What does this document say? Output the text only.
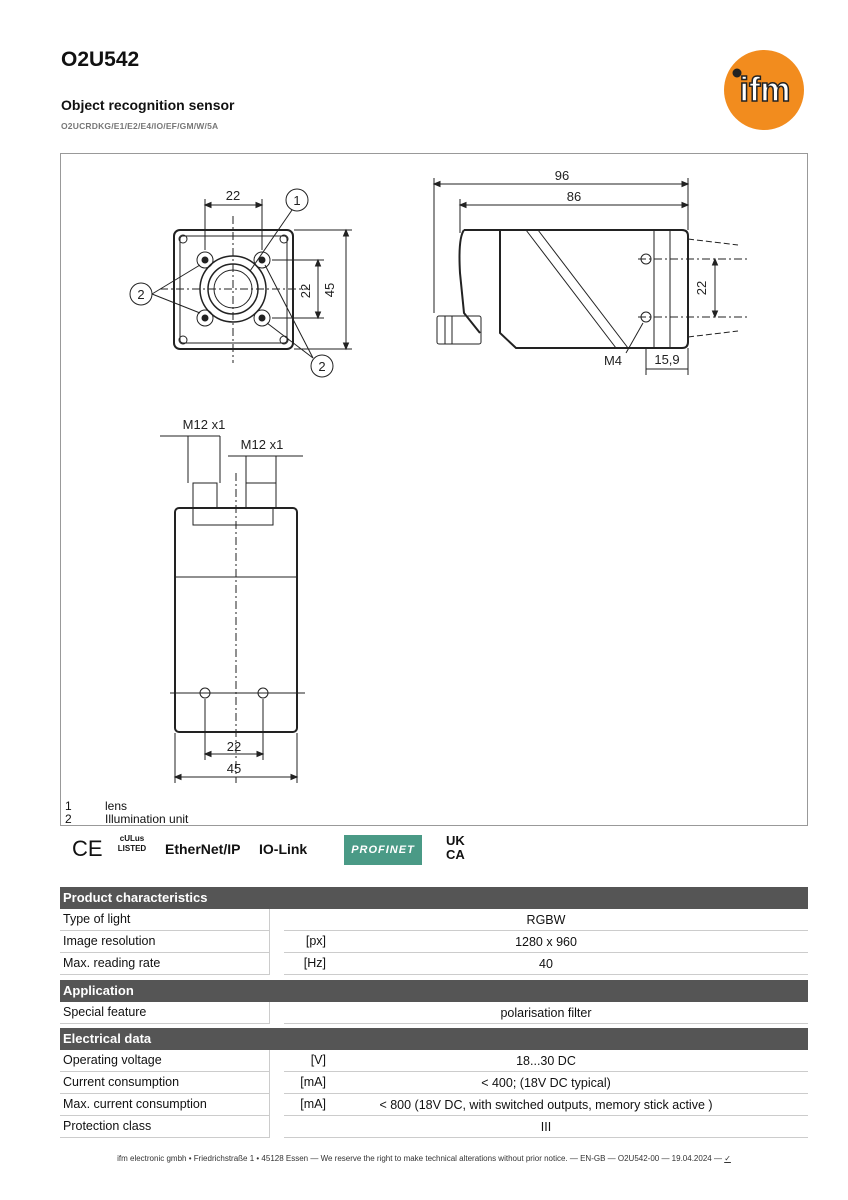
O2U542
Object recognition sensor
O2UCRDKG/E1/E2/E4/IO/EF/GM/W/5A
ifm
22
22 45
1
2
2
96
86
22
M4 15,9
M12 x1
M12 x1
22
45
1	lens
2	Illumination unit
CE	cULus LISTED	EtherNet/IP IO-Link	PROFINET
UK CA
Product characteristics
Type of light	RGBW
Image resolution	[px]	1280 x 960
Max. reading rate	[Hz]	40
Application
Special feature	polarisation filter
Electrical data
Operating voltage	[V]	18...30 DC
Current consumption	[mA]	< 400; (18V DC typical)
Max. current consumption	[mA]	< 800 (18V DC, with switched outputs, memory stick active )
Protection class	III
ifm electronic gmbh • Friedrichstraße 1 • 45128 Essen — We reserve the right to make technical alterations without prior notice. — EN-GB — O2U542-00 — 19.04.2024 — ✓
